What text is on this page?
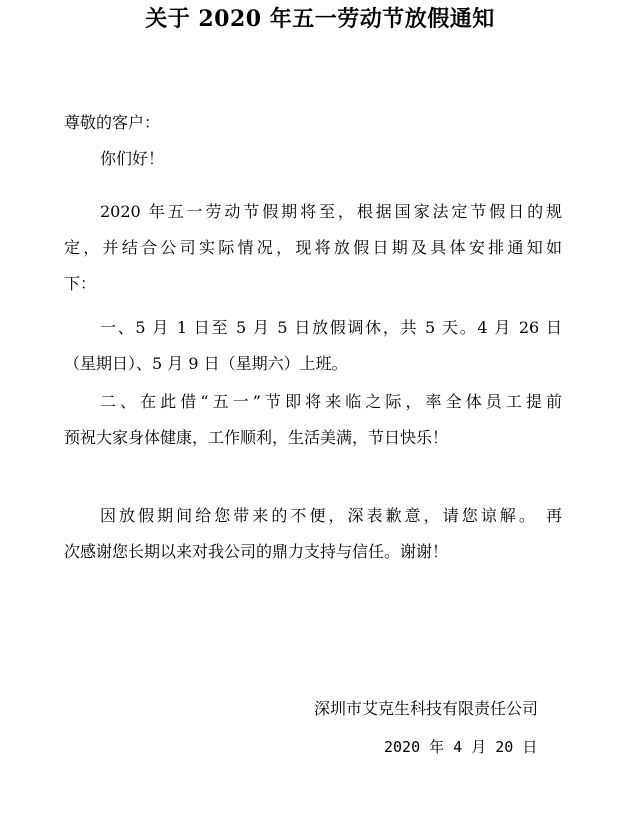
关于 2020 年五一劳动节放假通知
尊敬的客户：
你们好！
2020 年五一劳动节假期将至，根据国家法定节假日的规
定，并结合公司实际情况，现将放假日期及具体安排通知如
下：
一、5 月 1 日至 5 月 5 日放假调休，共 5 天。4 月 26 日
（星期日）、5 月 9 日（星期六）上班。
二、在此借“五一”节即将来临之际，率全体员工提前
预祝大家身体健康，工作顺利，生活美满，节日快乐！
因放假期间给您带来的不便，深表歉意，请您谅解。 再
次感谢您长期以来对我公司的鼎力支持与信任。谢谢！
深圳市艾克生科技有限责任公司
2020 年 4 月 20 日
